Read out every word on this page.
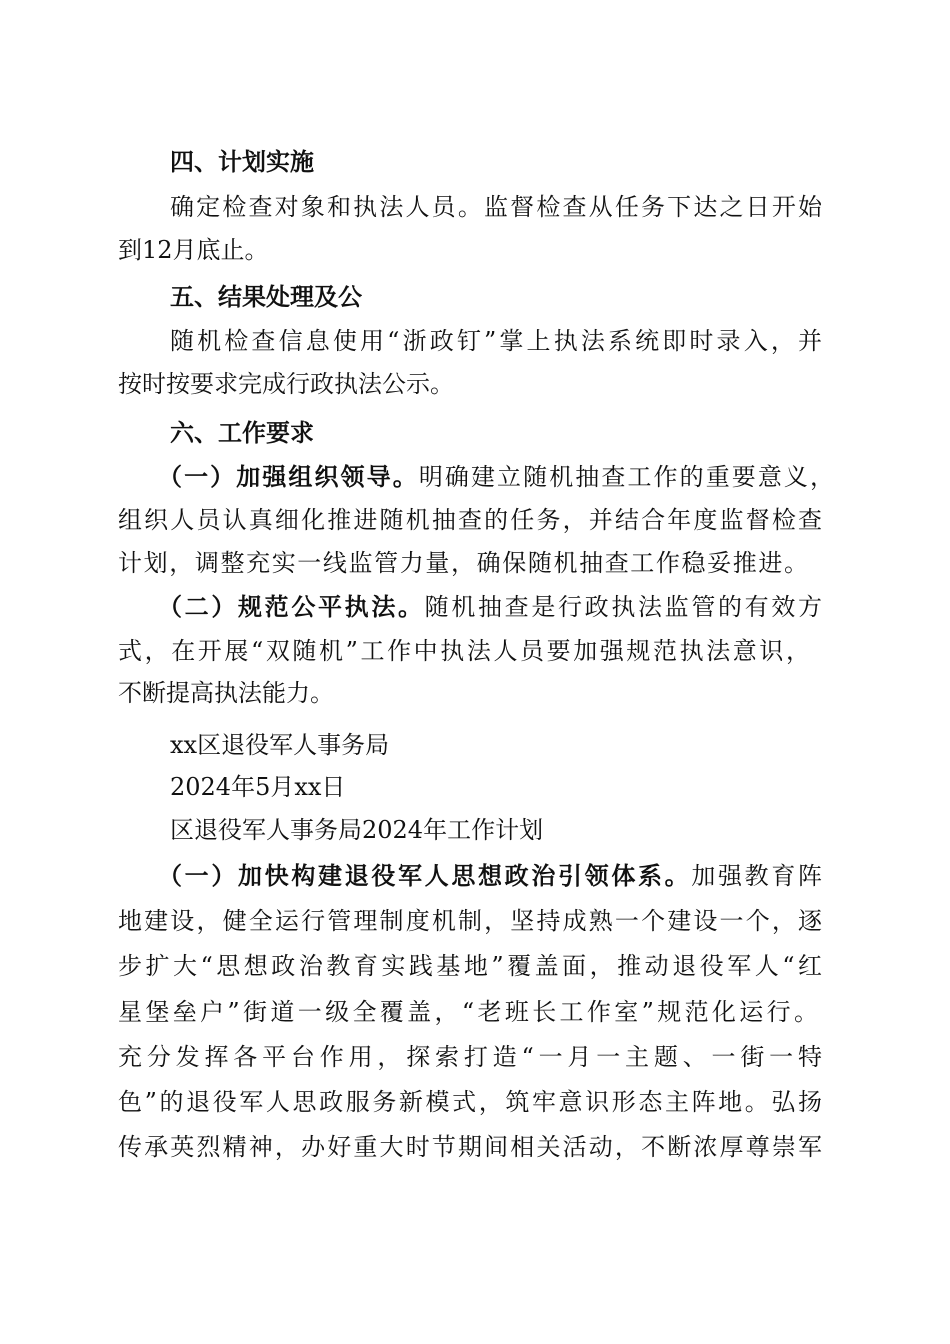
四、计划实施
确定检查对象和执法人员。监督检查从任务下达之日开始
到12月底止。
五、结果处理及公
随机检查信息使用“浙政钉”掌上执法系统即时录入，并
按时按要求完成行政执法公示。
六、工作要求
（一）加强组织领导。明确建立随机抽查工作的重要意义，
组织人员认真细化推进随机抽查的任务，并结合年度监督检查
计划，调整充实一线监管力量，确保随机抽查工作稳妥推进。
（二）规范公平执法。随机抽查是行政执法监管的有效方
式，在开展“双随机”工作中执法人员要加强规范执法意识，
不断提高执法能力。
xx区退役军人事务局
2024年5月xx日
区退役军人事务局2024年工作计划
（一）加快构建退役军人思想政治引领体系。加强教育阵
地建设，健全运行管理制度机制，坚持成熟一个建设一个，逐
步扩大“思想政治教育实践基地”覆盖面，推动退役军人“红
星堡垒户”街道一级全覆盖，“老班长工作室”规范化运行。
充分发挥各平台作用，探索打造“一月一主题、一街一特
色”的退役军人思政服务新模式，筑牢意识形态主阵地。弘扬
传承英烈精神，办好重大时节期间相关活动，不断浓厚尊崇军
